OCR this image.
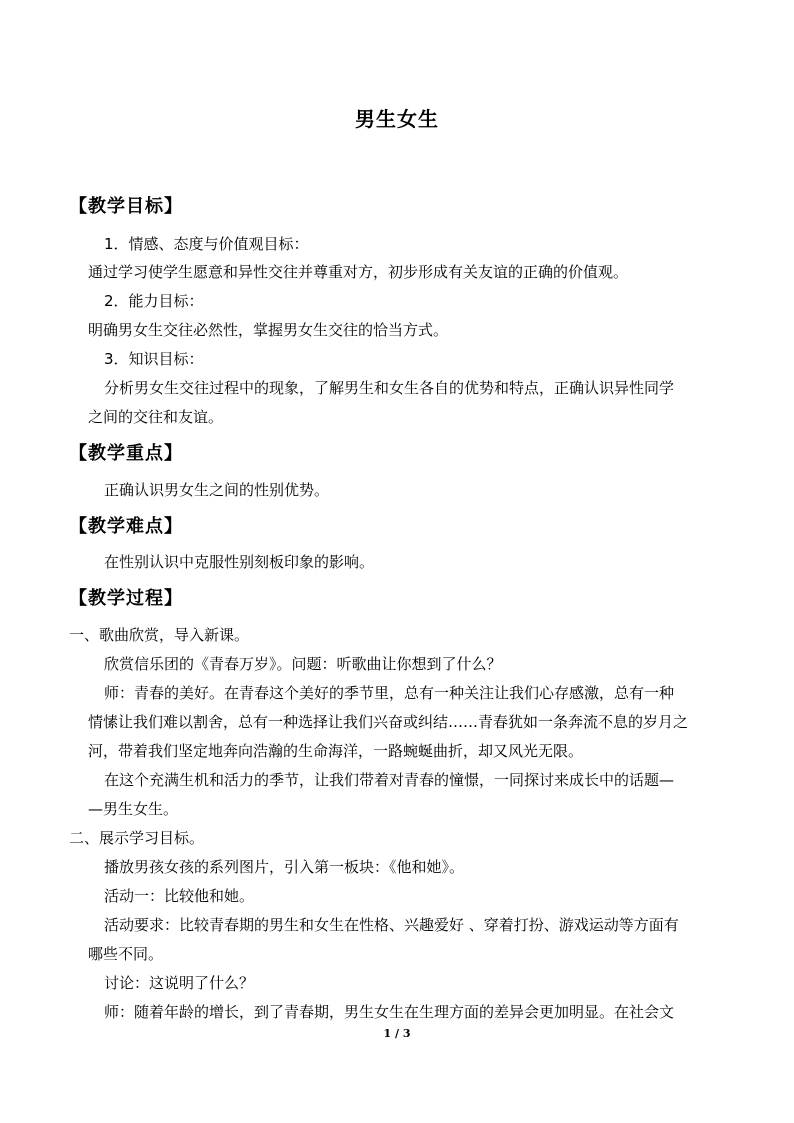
男生女生
【教学目标】
1．情感、态度与价值观目标：
通过学习使学生愿意和异性交往并尊重对方，初步形成有关友谊的正确的价值观。
2．能力目标：
明确男女生交往必然性，掌握男女生交往的恰当方式。
3．知识目标：
分析男女生交往过程中的现象，了解男生和女生各自的优势和特点，正确认识异性同学
之间的交往和友谊。
【教学重点】
正确认识男女生之间的性别优势。
【教学难点】
在性别认识中克服性别刻板印象的影响。
【教学过程】
一、歌曲欣赏，导入新课。
欣赏信乐团的《青春万岁》。问题：听歌曲让你想到了什么？
师：青春的美好。在青春这个美好的季节里，总有一种关注让我们心存感激，总有一种
情愫让我们难以割舍，总有一种选择让我们兴奋或纠结……青春犹如一条奔流不息的岁月之
河，带着我们坚定地奔向浩瀚的生命海洋，一路蜿蜒曲折，却又风光无限。
在这个充满生机和活力的季节，让我们带着对青春的憧憬，一同探讨来成长中的话题—
—男生女生。
二、展示学习目标。
播放男孩女孩的系列图片，引入第一板块：《他和她》。
活动一：比较他和她。
活动要求：比较青春期的男生和女生在性格、兴趣爱好 、穿着打扮、游戏运动等方面有
哪些不同。
讨论：这说明了什么？
师：随着年龄的增长，到了青春期，男生女生在生理方面的差异会更加明显。在社会文
1 / 3
